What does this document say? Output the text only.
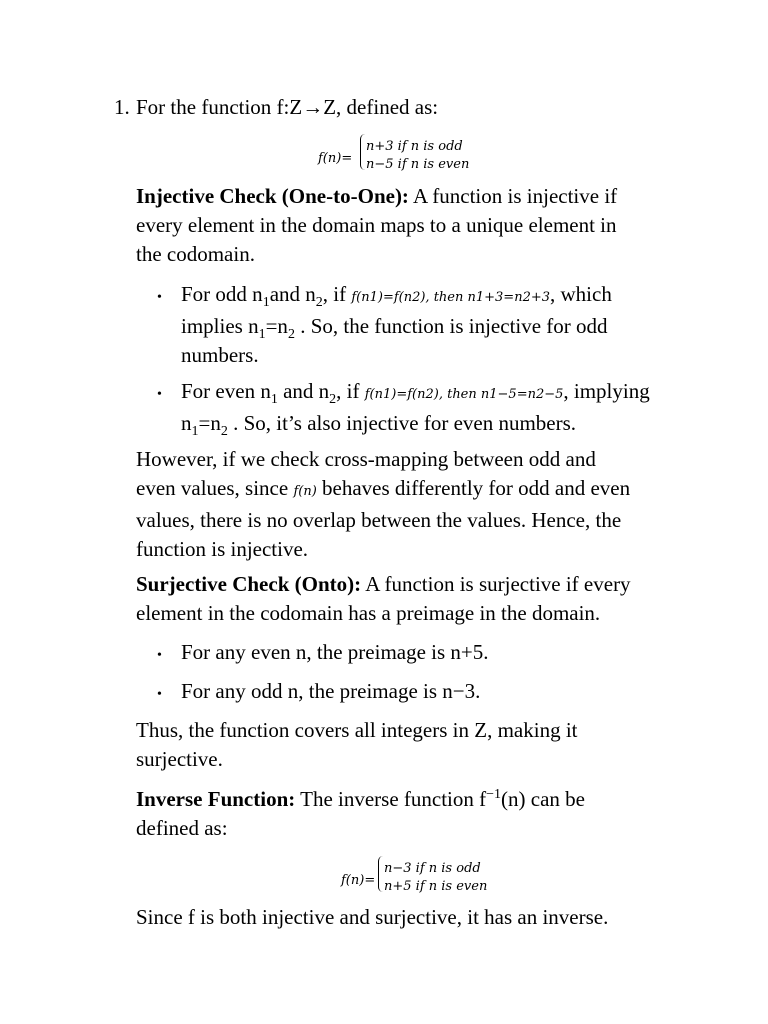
1. For the function f:Z→Z, defined as:
f(n)=
n+3 if n is odd
n−5 if n is even
Injective Check (One-to-One): A function is injective if
every element in the domain maps to a unique element in
the codomain.
• For odd $n_1and$ $n_2$, if f(n1)=f(n2), then n1+3=n2+3, which
implies $n_1=n_2$ . So, the function is injective for odd
numbers.
• For even $n_1$ and $n_2$, if f(n1)=f(n2), then n1−5=n2−5, implying
$n_1=n_2$ . So, it’s also injective for even numbers.
However, if we check cross-mapping between odd and
even values, since f(n) behaves differently for odd and even
values, there is no overlap between the values. Hence, the
function is injective.
Surjective Check (Onto): A function is surjective if every
element in the codomain has a preimage in the domain.
• For any even n, the preimage is n+5.
• For any odd n, the preimage is n−3.
Thus, the function covers all integers in Z, making it
surjective.
Inverse Function: The inverse function $f^{-1}(n)$ can be
defined as:
f(n)=
n−3 if n is odd
n+5 if n is even
Since f is both injective and surjective, it has an inverse.
